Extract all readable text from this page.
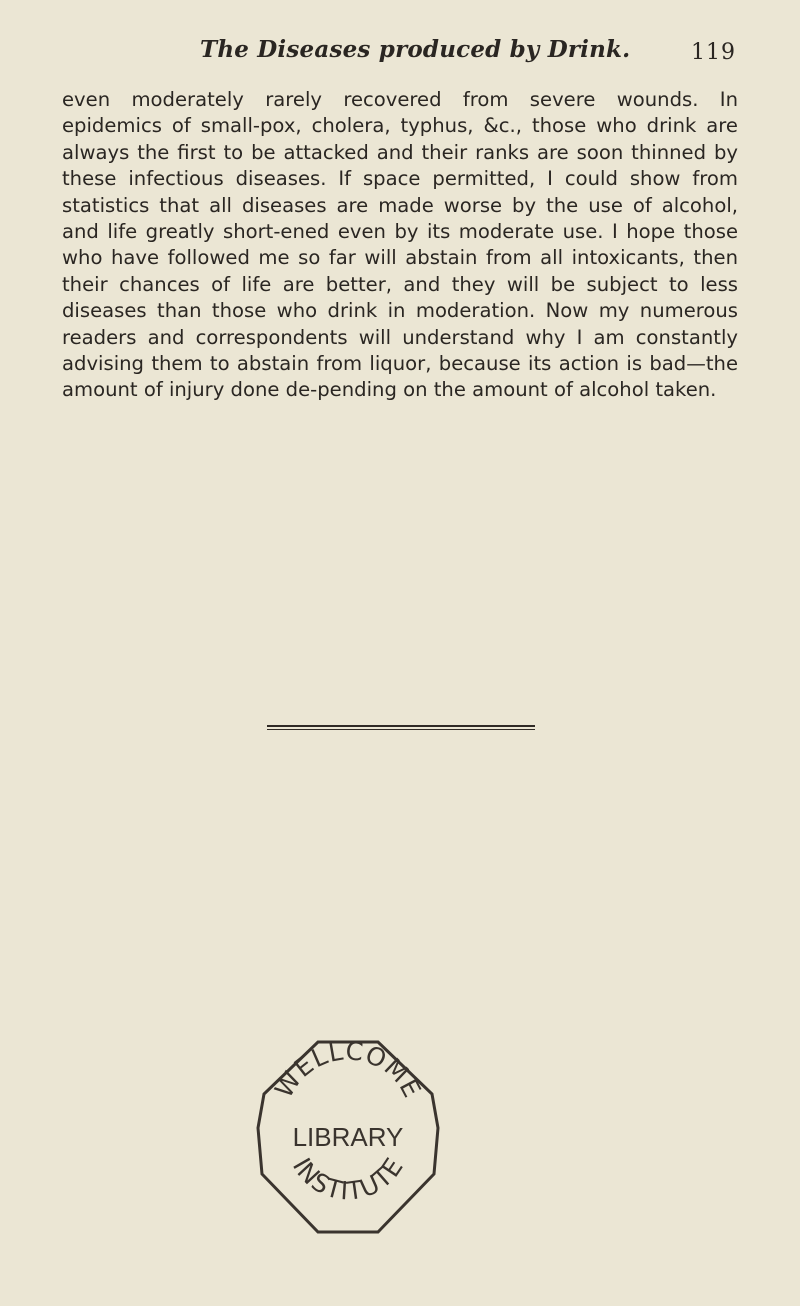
The Diseases produced by Drink.	119

even moderately rarely recovered from severe wounds. In epidemics of small-pox, cholera, typhus, &c., those who drink are always the first to be attacked and their ranks are soon thinned by these infectious diseases. If space permitted, I could show from statistics that all diseases are made worse by the use of alcohol, and life greatly short-ened even by its moderate use. I hope those who have followed me so far will abstain from all intoxicants, then their chances of life are better, and they will be subject to less diseases than those who drink in moderation. Now my numerous readers and correspondents will understand why I am constantly advising them to abstain from liquor, because its action is bad—the amount of injury done de-pending on the amount of alcohol taken.

WELLCOME
INSTITUTE
LIBRARY
